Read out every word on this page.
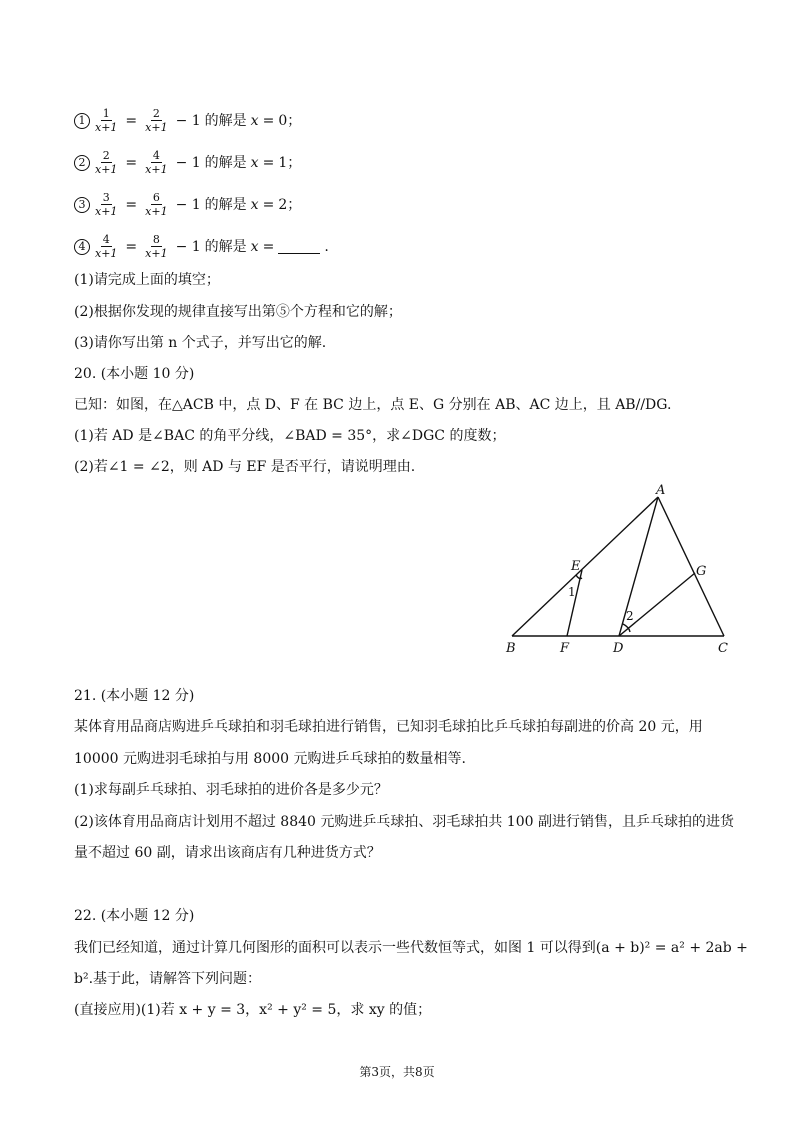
$1 \frac{1}{x+1} = \frac{2}{x+1} - 1$ 的解是 x = 0；
$2 \frac{2}{x+1} = \frac{4}{x+1} - 1$ 的解是 x = 1；
$3 \frac{3}{x+1} = \frac{6}{x+1} - 1$ 的解是 x = 2；
$4 \frac{4}{x+1} = \frac{8}{x+1} - 1$ 的解是 x =	.
(1)请完成上面的填空；
(2)根据你发现的规律直接写出第⑤个方程和它的解；
(3)请你写出第 n 个式子，并写出它的解.
20. (本小题 10 分)
已知：如图，在△ACB 中，点 D、F 在 BC 边上，点 E、G 分别在 AB、AC 边上，且 AB//DG.
(1)若 AD 是∠BAC 的角平分线，∠BAD = 35°，求∠DGC 的度数；
(2)若∠1 = ∠2，则 AD 与 EF 是否平行，请说明理由.
A
B	C
D
E
F
G
1
2
21. (本小题 12 分)
某体育用品商店购进乒乓球拍和羽毛球拍进行销售，已知羽毛球拍比乒乓球拍每副进的价高 20 元，用
10000 元购进羽毛球拍与用 8000 元购进乒乓球拍的数量相等.
(1)求每副乒乓球拍、羽毛球拍的进价各是多少元？
(2)该体育用品商店计划用不超过 8840 元购进乒乓球拍、羽毛球拍共 100 副进行销售，且乒乓球拍的进货
量不超过 60 副，请求出该商店有几种进货方式？
22. (本小题 12 分)
我们已经知道，通过计算几何图形的面积可以表示一些代数恒等式，如图 1 可以得到(a + b)² = a² + 2ab +
b².基于此，请解答下列问题：
(直接应用)(1)若 x + y = 3，x² + y² = 5，求 xy 的值；
第3页，共8页
